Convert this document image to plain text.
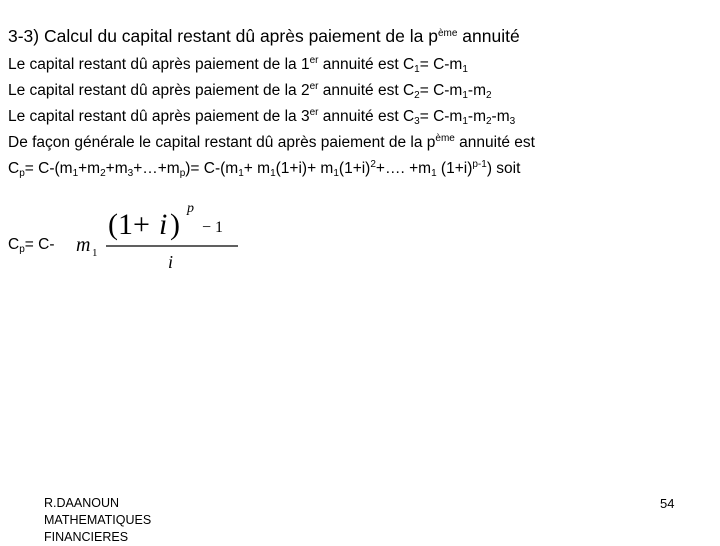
3-3) Calcul du capital restant dû après paiement de la $p^{ème}$ annuité
Le capital restant dû après paiement de la 1er annuité est $C_1= C-m_1$
Le capital restant dû après paiement de la 2er annuité est $C_2= C-m_1-m_2$
Le capital restant dû après paiement de la 3er annuité est $C_3= C-m_1-m_2-m_3$
De façon générale le capital restant dû après paiement de la $p^{ème}$ annuité est
$C_p=$ $C-(m_1+m_2+m_3+\dots+m_p)= C-(m_1+ m_1(1+i)+$ $m_1(1+i)^2+\dots$. $+m_1$ $(1+i)^{p-1}$) soit
$C_p= C-$ m 1
(1+ i ) p
− 1
i
R.DAANOUN
MATHEMATIQUES
FINANCIERES
54
